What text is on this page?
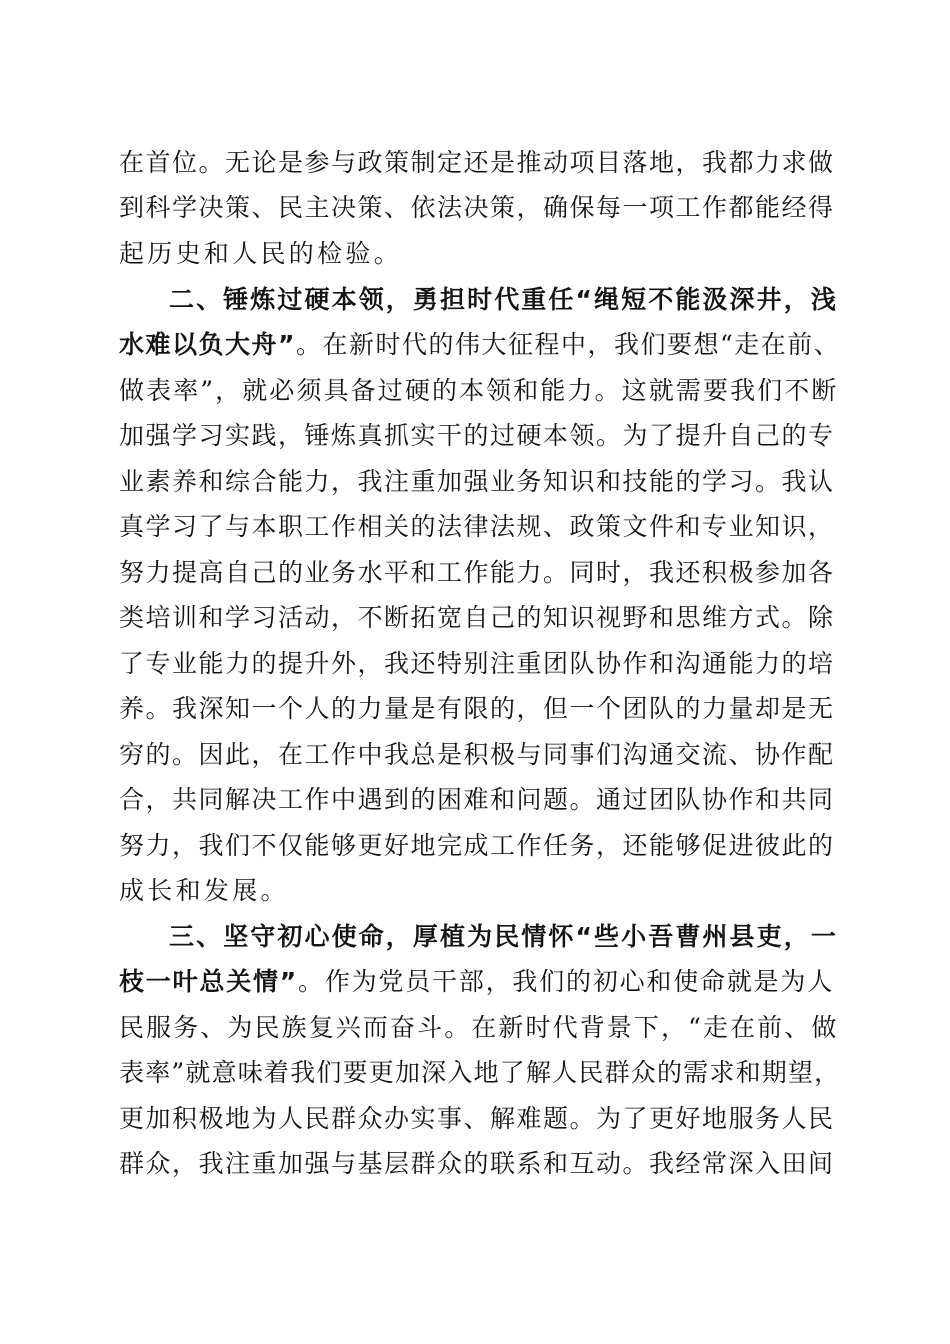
在首位。无论是参与政策制定还是推动项目落地，我都力求做
到科学决策、民主决策、依法决策，确保每一项工作都能经得
起历史和人民的检验。
二、锤炼过硬本领，勇担时代重任“绳短不能汲深井，浅
水难以负大舟”。在新时代的伟大征程中，我们要想“走在前、
做表率”，就必须具备过硬的本领和能力。这就需要我们不断
加强学习实践，锤炼真抓实干的过硬本领。为了提升自己的专
业素养和综合能力，我注重加强业务知识和技能的学习。我认
真学习了与本职工作相关的法律法规、政策文件和专业知识，
努力提高自己的业务水平和工作能力。同时，我还积极参加各
类培训和学习活动，不断拓宽自己的知识视野和思维方式。除
了专业能力的提升外，我还特别注重团队协作和沟通能力的培
养。我深知一个人的力量是有限的，但一个团队的力量却是无
穷的。因此，在工作中我总是积极与同事们沟通交流、协作配
合，共同解决工作中遇到的困难和问题。通过团队协作和共同
努力，我们不仅能够更好地完成工作任务，还能够促进彼此的
成长和发展。
三、坚守初心使命，厚植为民情怀“些小吾曹州县吏，一
枝一叶总关情”。作为党员干部，我们的初心和使命就是为人
民服务、为民族复兴而奋斗。在新时代背景下，“走在前、做
表率”就意味着我们要更加深入地了解人民群众的需求和期望，
更加积极地为人民群众办实事、解难题。为了更好地服务人民
群众，我注重加强与基层群众的联系和互动。我经常深入田间
